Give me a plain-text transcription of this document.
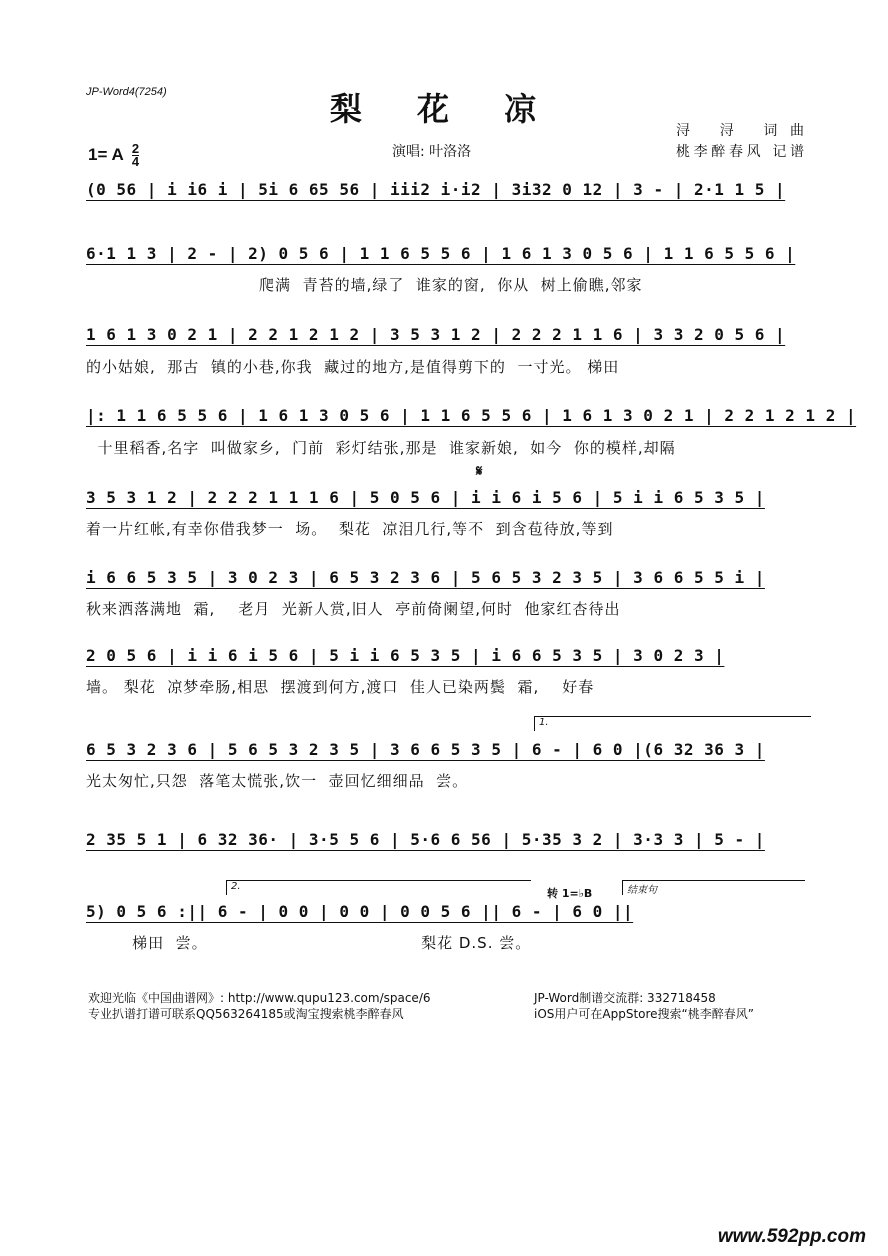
JP-Word4(7254)	梨 花 凉
1= A $\frac{2}{4}$	演唱: 叶洛洛
浔 浔 词曲
桃李醉春风 记谱
(0 56 | i i6 i | 5i 6 65 56 | iii2 i·i2 | 3i32 0 12 | 3 - | 2·1 1 5 |
6·1 1 3 | 2 - | 2) 0 5 6 | 1 1 6 5 5 6 | 1 6 1 3 0 5 6 | 1 1 6 5 5 6 |
爬满  青苔的墙,绿了  谁家的窗,  你从  树上偷瞧,邻家
1 6 1 3 0 2 1 | 2 2 1 2 1 2 | 3 5 3 1 2 | 2 2 2 1 1 6 | 3 3 2 0 5 6 |
的小姑娘,  那古  镇的小巷,你我  藏过的地方,是值得剪下的  一寸光。 梯田
|: 1 1 6 5 5 6 | 1 6 1 3 0 5 6 | 1 1 6 5 5 6 | 1 6 1 3 0 2 1 | 2 2 1 2 1 2 |
十里稻香,名字  叫做家乡,  门前  彩灯结张,那是  谁家新娘,  如今  你的模样,却隔
𝄋
3 5 3 1 2 | 2 2 2 1 1 1 6 | 5 0 5 6 | i i 6 i 5 6 | 5 i i 6 5 3 5 |
着一片红帐,有幸你借我梦一  场。  梨花  凉泪几行,等不  到含苞待放,等到
i 6 6 5 3 5 | 3 0 2 3 | 6 5 3 2 3 6 | 5 6 5 3 2 3 5 | 3 6 6 5 5 i |
秋来洒落满地  霜,    老月  光新人赏,旧人  亭前倚阑望,何时  他家红杏待出
2 0 5 6 | i i 6 i 5 6 | 5 i i 6 5 3 5 | i 6 6 5 3 5 | 3 0 2 3 |
墙。 梨花  凉梦牵肠,相思  摆渡到何方,渡口  佳人已染两鬓  霜,    好春
1.
6 5 3 2 3 6 | 5 6 5 3 2 3 5 | 3 6 6 5 3 5 | 6 - | 6 0 |(6 32 36 3 |
光太匆忙,只怨  落笔太慌张,饮一  壶回忆细细品  尝。
2 35 5 1 | 6 32 36· | 3·5 5 6 | 5·6 6 56 | 5·35 3 2 | 3·3 3 | 5 - |
2.
转 1=♭B	结束句
5) 0 5 6 :|| 6 - | 0 0 | 0 0 | 0 0 5 6 || 6 - | 6 0 ||
梯田  尝。                                     梨花 D.S. 尝。
欢迎光临《中国曲谱网》: http://www.qupu123.com/space/6
专业扒谱打谱可联系QQ563264185或淘宝搜索桃李醉春风
JP-Word制谱交流群: 332718458
iOS用户可在AppStore搜索“桃李醉春风”
www.592pp.com
